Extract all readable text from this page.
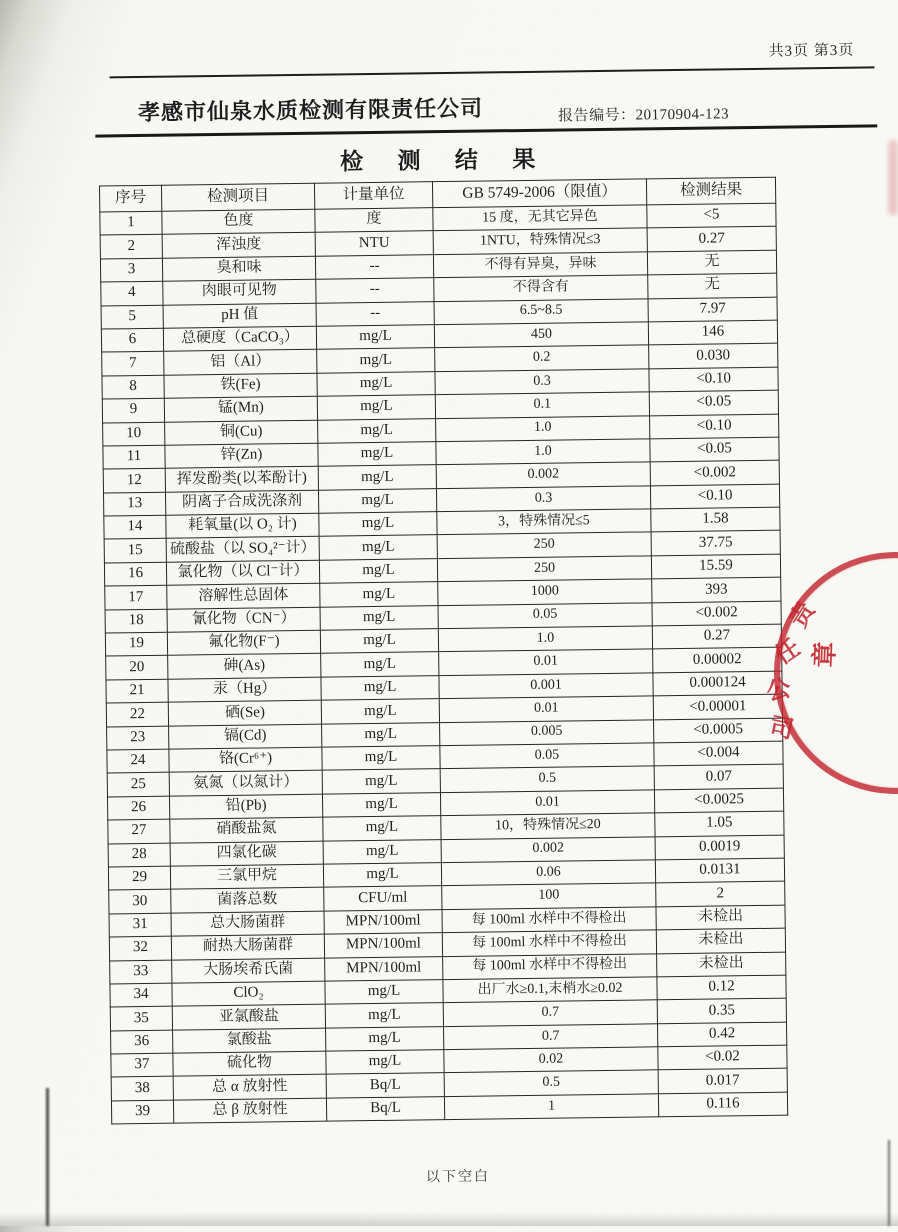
共3页 第3页
孝感市仙泉水质检测有限责任公司	报告编号：20170904-123
检 测 结 果
序号	检测项目	计量单位	GB 5749-2006（限值）	检测结果
1	色度	度	15 度，无其它异色	<5
2	浑浊度	NTU	1NTU，特殊情况≤3	0.27
3	臭和味	--	不得有异臭，异味	无
4	肉眼可见物	--	不得含有	无
5	pH 值	--	6.5~8.5	7.97
6	总硬度（CaCO₃）	mg/L	450	146
7	铝（Al）	mg/L	0.2	0.030
8	铁(Fe)	mg/L	0.3	<0.10
9	锰(Mn)	mg/L	0.1	<0.05
10	铜(Cu)	mg/L	1.0	<0.10
11	锌(Zn)	mg/L	1.0	<0.05
12	挥发酚类(以苯酚计)	mg/L	0.002	<0.002
13	阴离子合成洗涤剂	mg/L	0.3	<0.10
14	耗氧量(以 O₂ 计)	mg/L	3，特殊情况≤5	1.58
15	硫酸盐（以 SO₄²⁻计）	mg/L	250	37.75
16	氯化物（以 Cl⁻计）	mg/L	250	15.59
17	溶解性总固体	mg/L	1000	393
18	氰化物（CN⁻）	mg/L	0.05	<0.002
19	氟化物(F⁻)	mg/L	1.0	0.27
20	砷(As)	mg/L	0.01	0.00002
21	汞（Hg）	mg/L	0.001	0.000124
22	硒(Se)	mg/L	0.01	<0.00001
23	镉(Cd)	mg/L	0.005	<0.0005
24	铬(Cr⁶⁺)	mg/L	0.05	<0.004
25	氨氮（以氮计）	mg/L	0.5	0.07
26	铅(Pb)	mg/L	0.01	<0.0025
27	硝酸盐氮	mg/L	10，特殊情况≤20	1.05
28	四氯化碳	mg/L	0.002	0.0019
29	三氯甲烷	mg/L	0.06	0.0131
30	菌落总数	CFU/ml	100	2
31	总大肠菌群	MPN/100ml	每 100ml 水样中不得检出	未检出
32	耐热大肠菌群	MPN/100ml	每 100ml 水样中不得检出	未检出
33	大肠埃希氏菌	MPN/100ml	每 100ml 水样中不得检出	未检出
34	ClO₂	mg/L	出厂水≥0.1,末梢水≥0.02	0.12
35	亚氯酸盐	mg/L	0.7	0.35
36	氯酸盐	mg/L	0.7	0.42
37	硫化物	mg/L	0.02	<0.02
38	总 α 放射性	Bq/L	0.5	0.017
39	总 β 放射性	Bq/L	1	0.116
以下空白
责
任
公
司
章
